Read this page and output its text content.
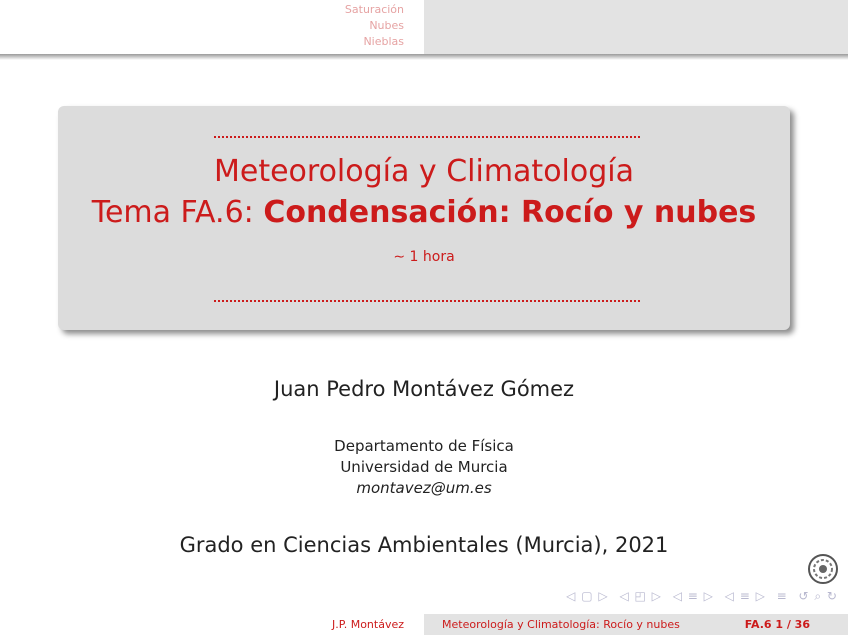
Saturación
Nubes
Nieblas
Meteorología y Climatología
Tema FA.6: Condensación: Rocío y nubes
∼ 1 hora
Juan Pedro Montávez Gómez
Departamento de Física
Universidad de Murcia
montavez@um.es
Grado en Ciencias Ambientales (Murcia), 2021
◁ ▢ ▷ ◁ ◰ ▷ ◁ ≡ ▷ ◁ ≡ ▷ ≡ ↺ ⌕ ↻
J.P. Montávez	Meteorología y Climatología: Rocío y nubes	FA.6 1 / 36
